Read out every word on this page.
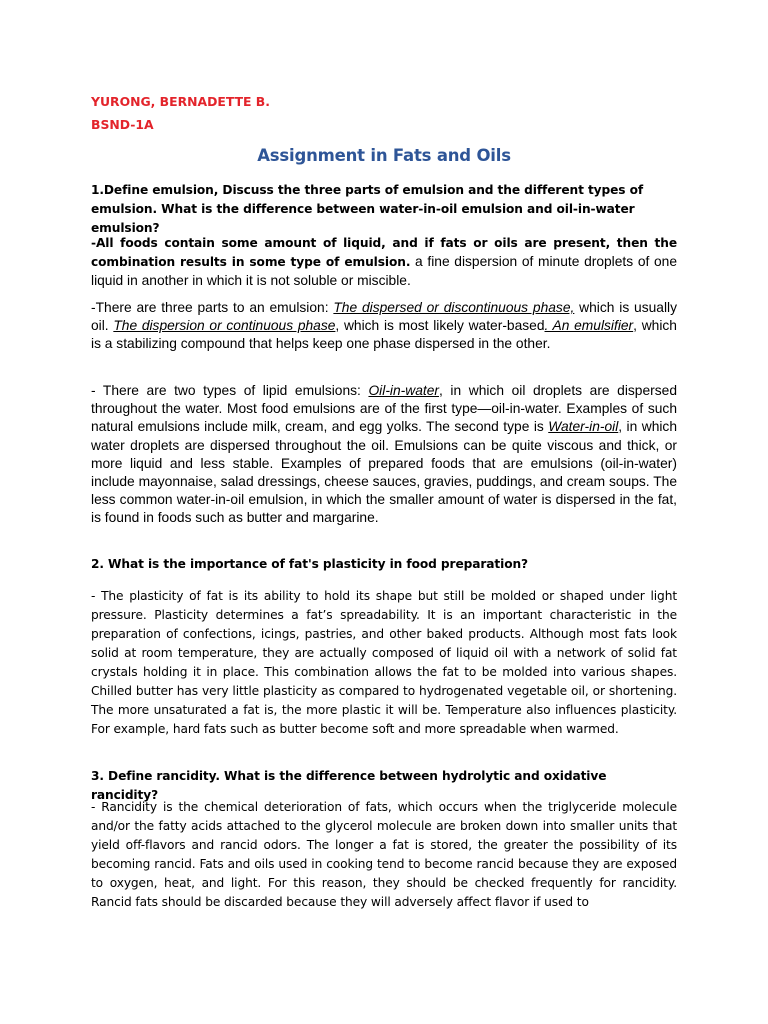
YURONG, BERNADETTE B.
BSND-1A
Assignment in Fats and Oils

1.Define emulsion, Discuss the three parts of emulsion and the different types of emulsion. What is the difference between water-in-oil emulsion and oil-in-water emulsion?

-All foods contain some amount of liquid, and if fats or oils are present, then the combination results in some type of emulsion. a fine dispersion of minute droplets of one liquid in another in which it is not soluble or miscible.

-There are three parts to an emulsion: The dispersed or discontinuous phase, which is usually oil. The dispersion or continuous phase, which is most likely water-based. An emulsifier, which is a stabilizing compound that helps keep one phase dispersed in the other.

- There are two types of lipid emulsions: Oil-in-water, in which oil droplets are dispersed throughout the water. Most food emulsions are of the first type—oil-in-water. Examples of such natural emulsions include milk, cream, and egg yolks. The second type is Water-in-oil, in which water droplets are dispersed throughout the oil. Emulsions can be quite viscous and thick, or more liquid and less stable. Examples of prepared foods that are emulsions (oil-in-water) include mayonnaise, salad dressings, cheese sauces, gravies, puddings, and cream soups. The less common water-in-oil emulsion, in which the smaller amount of water is dispersed in the fat, is found in foods such as butter and margarine.

2. What is the importance of fat's plasticity in food preparation?

- The plasticity of fat is its ability to hold its shape but still be molded or shaped under light pressure. Plasticity determines a fat’s spreadability. It is an important characteristic in the preparation of confections, icings, pastries, and other baked products. Although most fats look solid at room temperature, they are actually composed of liquid oil with a network of solid fat crystals holding it in place. This combination allows the fat to be molded into various shapes. Chilled butter has very little plasticity as compared to hydrogenated vegetable oil, or shortening. The more unsaturated a fat is, the more plastic it will be. Temperature also influences plasticity. For example, hard fats such as butter become soft and more spreadable when warmed.

3. Define rancidity. What is the difference between hydrolytic and oxidative rancidity?

- Rancidity is the chemical deterioration of fats, which occurs when the triglyceride molecule and/or the fatty acids attached to the glycerol molecule are broken down into smaller units that yield off-flavors and rancid odors. The longer a fat is stored, the greater the possibility of its becoming rancid. Fats and oils used in cooking tend to become rancid because they are exposed to oxygen, heat, and light. For this reason, they should be checked frequently for rancidity. Rancid fats should be discarded because they will adversely affect flavor if used to
